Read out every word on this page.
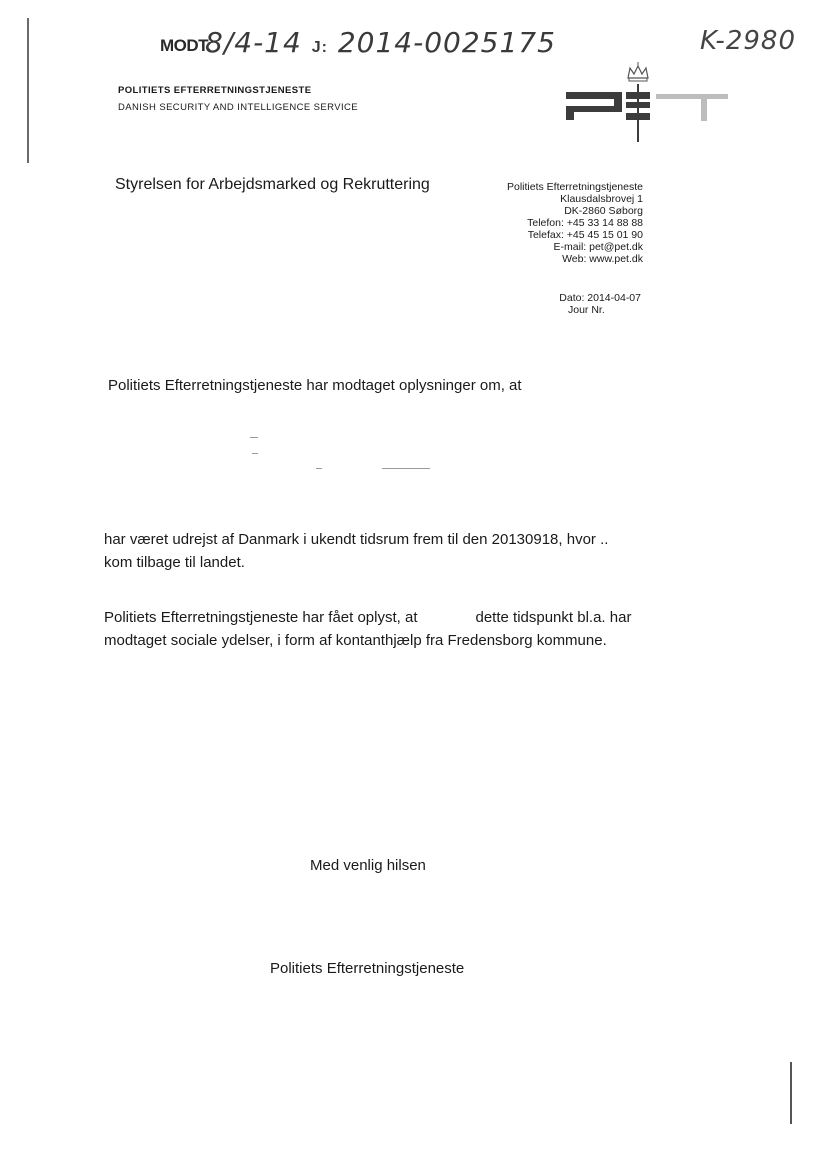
MODT:
8/4-14 J: 2014-0025175	K-2980
POLITIETS EFTERRETNINGSTJENESTE
DANISH SECURITY AND INTELLIGENCE SERVICE
Styrelsen for Arbejdsmarked og Rekruttering	Politiets Efterretningstjeneste
Klausdalsbrovej 1
DK-2860 Søborg
Telefon: +45 33 14 88 88
Telefax: +45 45 15 01 90
E-mail: pet@pet.dk
Web: www.pet.dk
Dato: 2014-04-07
Jour Nr.
Politiets Efterretningstjeneste har modtaget oplysninger om, at
har været udrejst af Danmark i ukendt tidsrum frem til den 20130918, hvor .. kom tilbage til landet.
Politiets Efterretningstjeneste har fået oplyst, at	dette tidspunkt bl.a. har modtaget sociale ydelser, i form af kontanthjælp fra Fredensborg kommune.
Med venlig hilsen
Politiets Efterretningstjeneste
